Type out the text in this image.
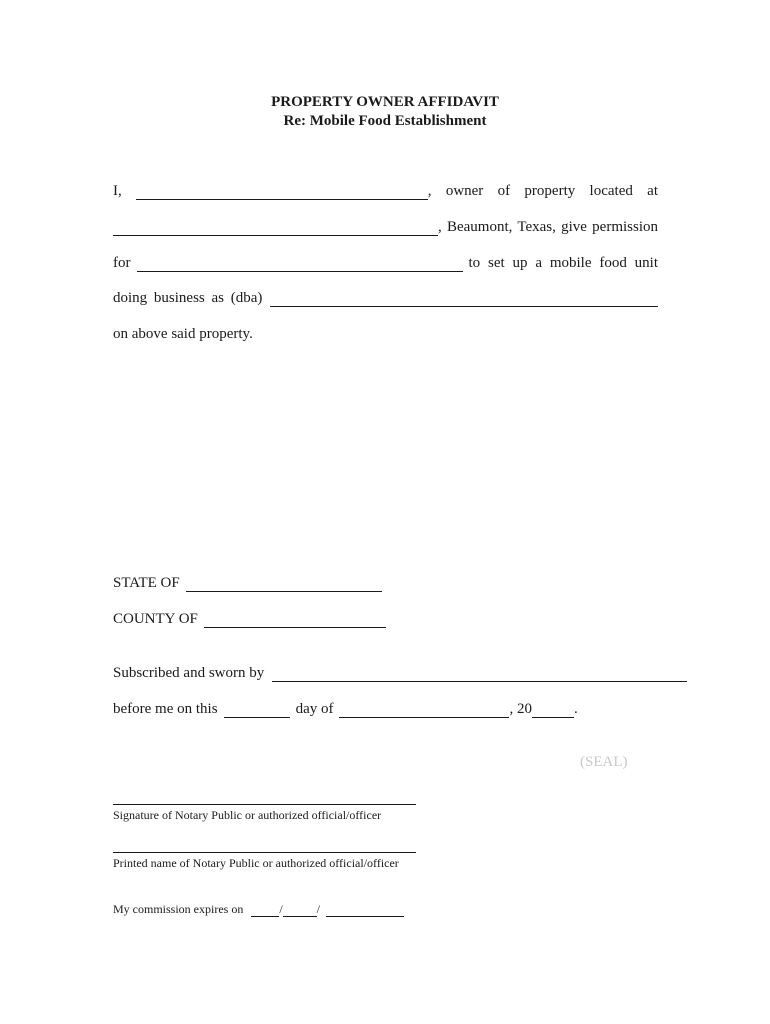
PROPERTY OWNER AFFIDAVIT
Re: Mobile Food Establishment
I,	, owner of property located at
, Beaumont, Texas, give permission
for	to set up a mobile food unit
doing business as (dba)
on above said property.
STATE OF
COUNTY OF
Subscribed and sworn by
before me on this	day of	, 20	.
(SEAL)
Signature of Notary Public or authorized official/officer
Printed name of Notary Public or authorized official/officer
My commission expires on	/	/
